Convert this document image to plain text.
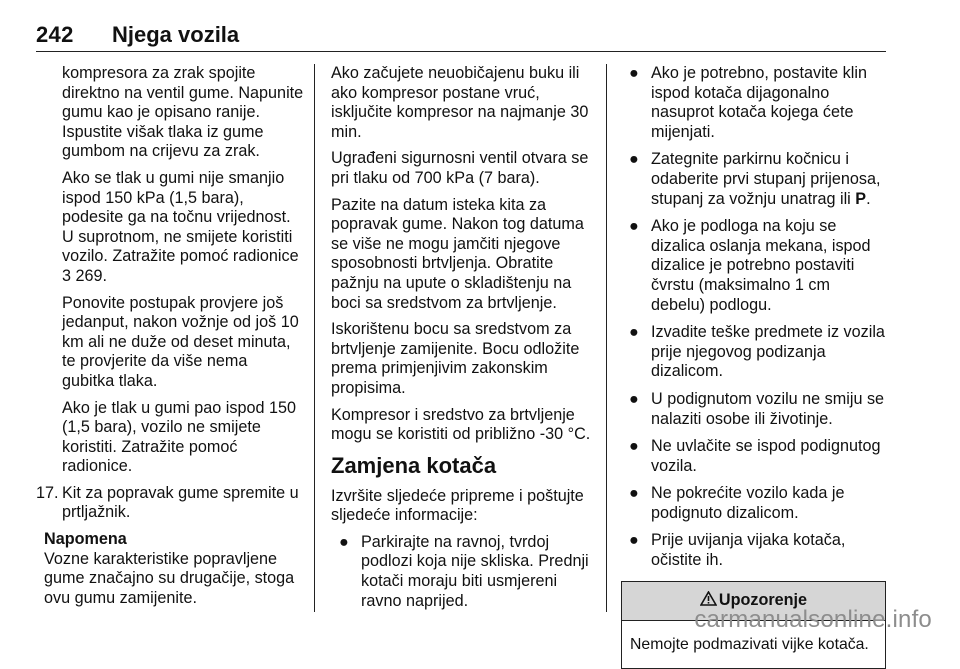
242 Njega vozila

kompresora za zrak spojite direktno na ventil gume. Napunite gumu kao je opisano ranije. Ispustite višak tlaka iz gume gumbom na crijevu za zrak.

Ako se tlak u gumi nije smanjio ispod 150 kPa (1,5 bara), podesite ga na točnu vrijednost. U suprotnom, ne smijete koristiti vozilo. Zatražite pomoć radionice
3 269.

Ponovite postupak provjere još jedanput, nakon vožnje od još 10 km ali ne duže od deset minuta, te provjerite da više nema gubitka tlaka.

Ako je tlak u gumi pao ispod 150 (1,5 bara), vozilo ne smijete koristiti. Zatražite pomoć radionice.

17. Kit za popravak gume spremite u prtljažnik.
Napomena
Vozne karakteristike popravljene gume značajno su drugačije, stoga ovu gumu zamijenite.

Ako začujete neuobičajenu buku ili ako kompresor postane vruć, isključite kompresor na najmanje 30 min.

Ugrađeni sigurnosni ventil otvara se pri tlaku od 700 kPa (7 bara).

Pazite na datum isteka kita za popravak gume. Nakon tog datuma se više ne mogu jamčiti njegove sposobnosti brtvljenja. Obratite pažnju na upute o skladištenju na boci sa sredstvom za brtvljenje.

Iskorištenu bocu sa sredstvom za brtvljenje zamijenite. Bocu odložite prema primjenjivim zakonskim propisima.

Kompresor i sredstvo za brtvljenje mogu se koristiti od približno -30 °C.

Zamjena kotača

Izvršite sljedeće pripreme i poštujte sljedeće informacije:

● Parkirajte na ravnoj, tvrdoj podlozi koja nije skliska. Prednji kotači moraju biti usmjereni ravno naprijed.
● Ako je potrebno, postavite klin ispod kotača dijagonalno nasuprot kotača kojega ćete mijenjati.
● Zategnite parkirnu kočnicu i odaberite prvi stupanj prijenosa, stupanj za vožnju unatrag ili P.
● Ako je podloga na koju se dizalica oslanja mekana, ispod dizalice je potrebno postaviti čvrstu (maksimalno 1 cm debelu) podlogu.
● Izvadite teške predmete iz vozila prije njegovog podizanja dizalicom.
● U podignutom vozilu ne smiju se nalaziti osobe ili životinje.
● Ne uvlačite se ispod podignutog vozila.
● Ne pokrećite vozilo kada je podignuto dizalicom.
● Prije uvijanja vijaka kotača, očistite ih.
Upozorenje
Nemojte podmazivati vijke kotača.
carmanualsonline.info
